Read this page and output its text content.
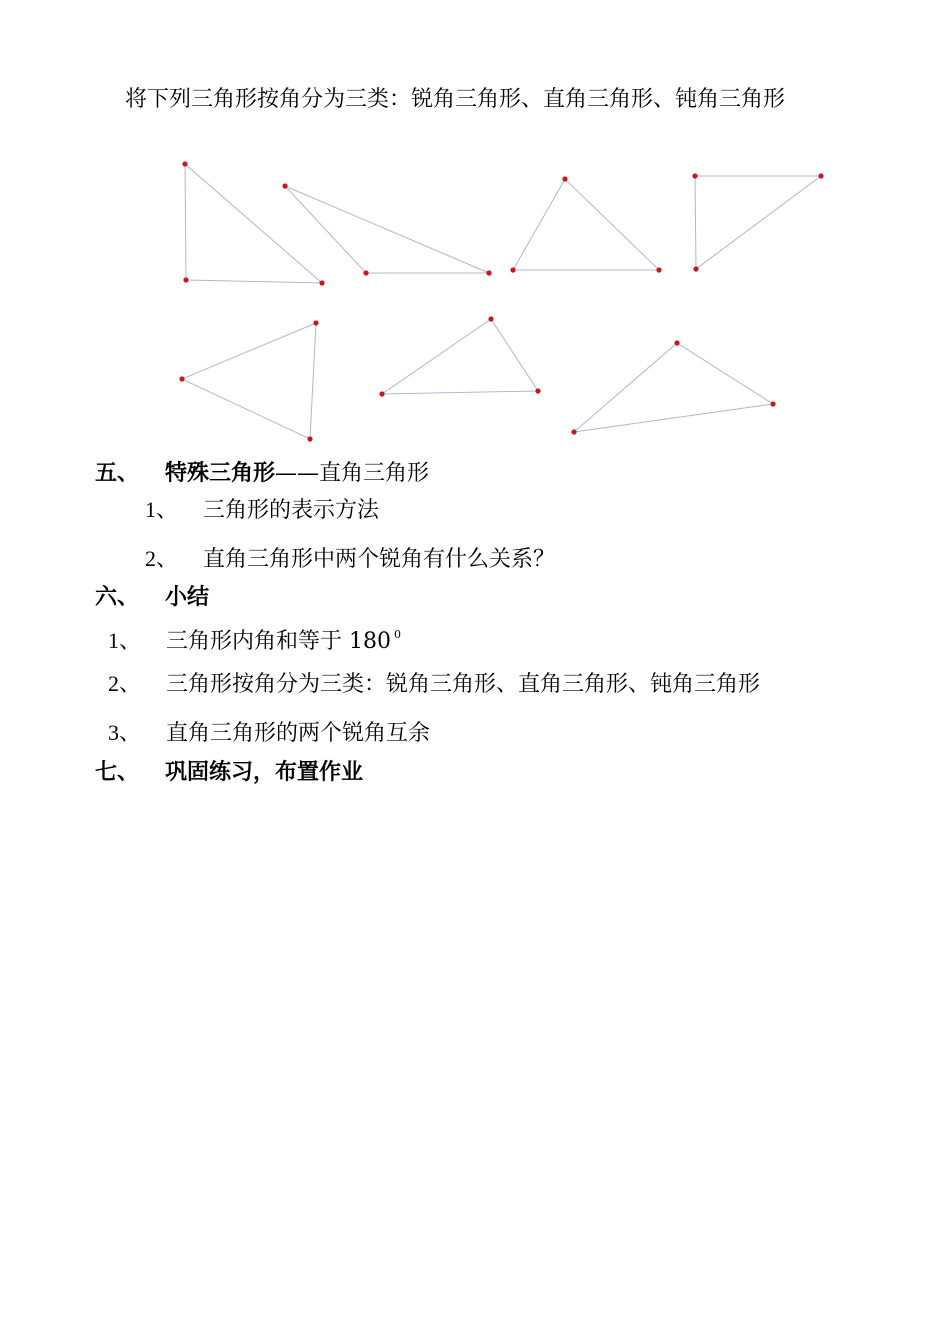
将下列三角形按角分为三类：锐角三角形、直角三角形、钝角三角形
五、 特殊三角形——直角三角形
1、 三角形的表示方法
2、 直角三角形中两个锐角有什么关系？
六、 小结
1、 三角形内角和等于 180 $^0$
2、 三角形按角分为三类：锐角三角形、直角三角形、钝角三角形
3、 直角三角形的两个锐角互余
七、 巩固练习，布置作业
